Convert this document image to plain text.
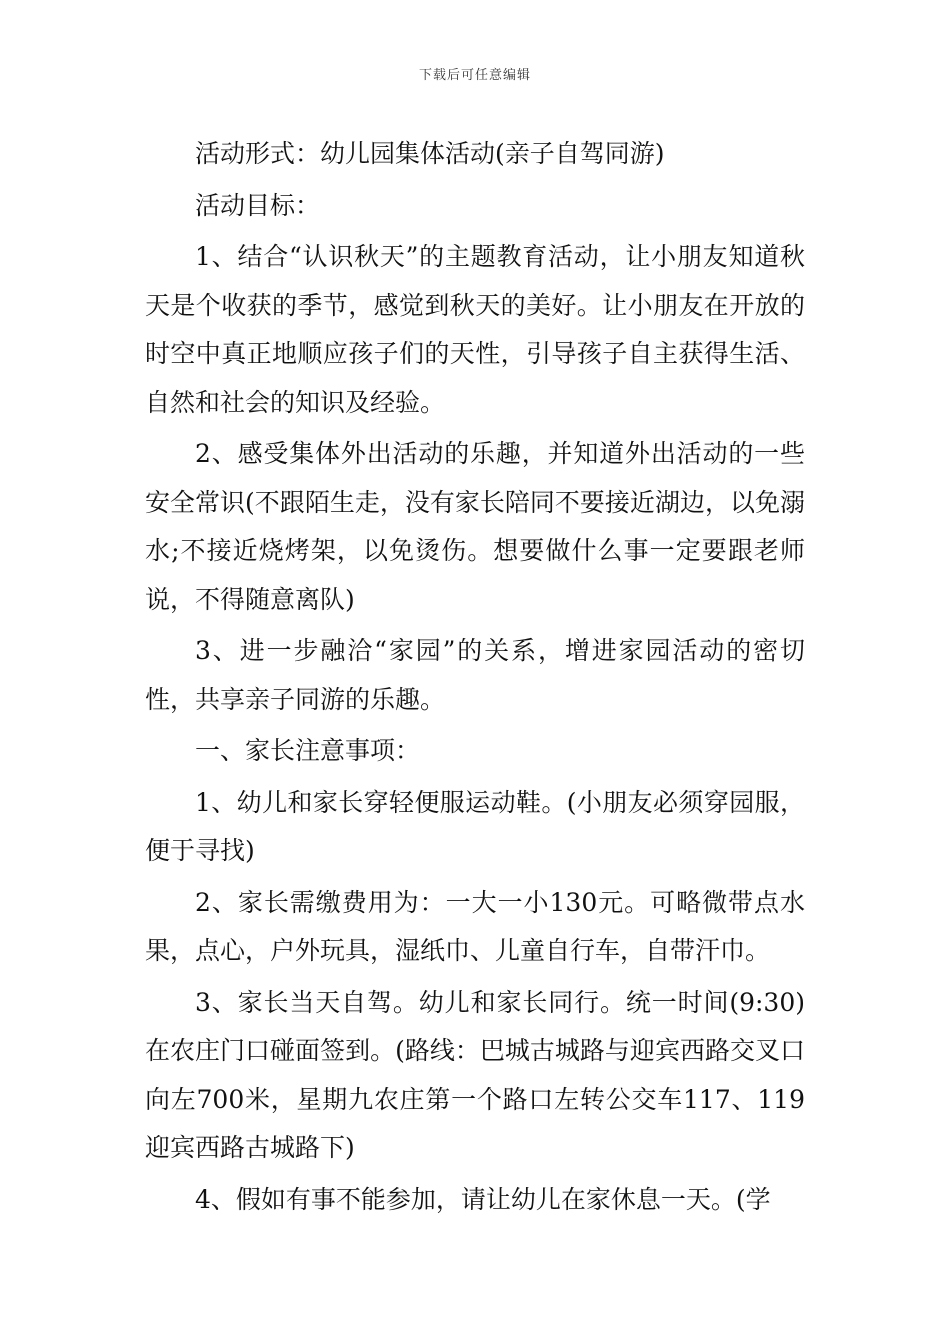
下载后可任意编辑

活动形式：幼儿园集体活动(亲子自驾同游)

活动目标：

1、结合“认识秋天”的主题教育活动，让小朋友知道秋天是个收获的季节，感觉到秋天的美好。让小朋友在开放的时空中真正地顺应孩子们的天性，引导孩子自主获得生活、自然和社会的知识及经验。

2、感受集体外出活动的乐趣，并知道外出活动的一些安全常识(不跟陌生走，没有家长陪同不要接近湖边，以免溺水;不接近烧烤架，以免烫伤。想要做什么事一定要跟老师说，不得随意离队)

3、进一步融洽“家园”的关系，增进家园活动的密切性，共享亲子同游的乐趣。

一、家长注意事项：

1、幼儿和家长穿轻便服运动鞋。(小朋友必须穿园服，便于寻找)

2、家长需缴费用为：一大一小130元。可略微带点水果，点心，户外玩具，湿纸巾、儿童自行车，自带汗巾。

3、家长当天自驾。幼儿和家长同行。统一时间(9:30)在农庄门口碰面签到。(路线：巴城古城路与迎宾西路交叉口向左700米，星期九农庄第一个路口左转公交车117、119迎宾西路古城路下)

4、假如有事不能参加，请让幼儿在家休息一天。(学
